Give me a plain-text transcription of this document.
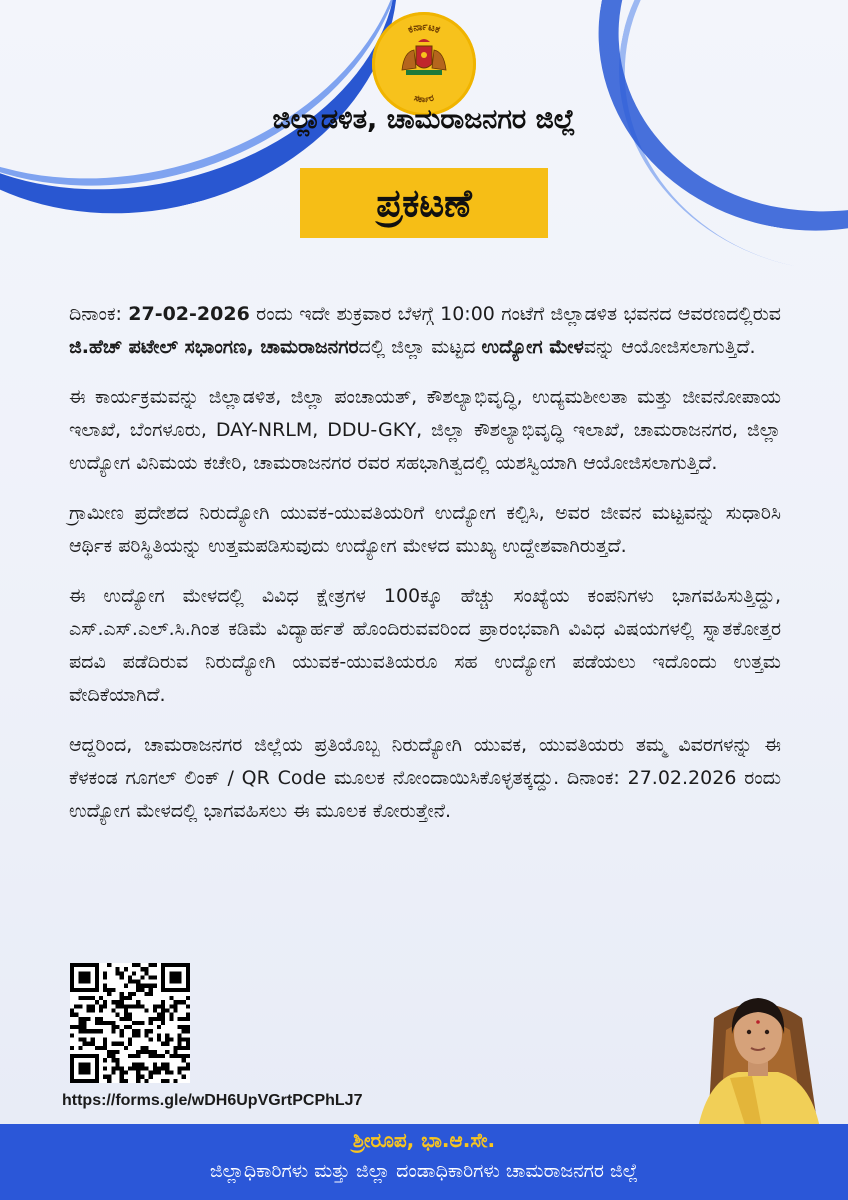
ಕರ್ನಾಟಕ
ಸರ್ಕಾರ
ಜಿಲ್ಲಾಡಳಿತ, ಚಾಮರಾಜನಗರ ಜಿಲ್ಲೆ
ಪ್ರಕಟಣೆ

ದಿನಾಂಕ: 27-02-2026 ರಂದು ಇದೇ ಶುಕ್ರವಾರ ಬೆಳಗ್ಗೆ 10:00 ಗಂಟೆಗೆ ಜಿಲ್ಲಾಡಳಿತ ಭವನದ ಆವರಣದಲ್ಲಿರುವ ಜಿ.ಹೆಚ್ ಪಟೇಲ್ ಸಭಾಂಗಣ, ಚಾಮರಾಜನಗರದಲ್ಲಿ ಜಿಲ್ಲಾ ಮಟ್ಟದ ಉದ್ಯೋಗ ಮೇಳವನ್ನು ಆಯೋಜಿಸಲಾಗುತ್ತಿದೆ.

ಈ ಕಾರ್ಯಕ್ರಮವನ್ನು ಜಿಲ್ಲಾಡಳಿತ, ಜಿಲ್ಲಾ ಪಂಚಾಯತ್, ಕೌಶಲ್ಯಾಭಿವೃದ್ಧಿ, ಉದ್ಯಮಶೀಲತಾ ಮತ್ತು ಜೀವನೋಪಾಯ ಇಲಾಖೆ, ಬೆಂಗಳೂರು, DAY-NRLM, DDU-GKY, ಜಿಲ್ಲಾ ಕೌಶಲ್ಯಾಭಿವೃದ್ಧಿ ಇಲಾಖೆ, ಚಾಮರಾಜನಗರ, ಜಿಲ್ಲಾ ಉದ್ಯೋಗ ವಿನಿಮಯ ಕಚೇರಿ, ಚಾಮರಾಜನಗರ ರವರ ಸಹಭಾಗಿತ್ವದಲ್ಲಿ ಯಶಸ್ವಿಯಾಗಿ ಆಯೋಜಿಸಲಾಗುತ್ತಿದೆ.

ಗ್ರಾಮೀಣ ಪ್ರದೇಶದ ನಿರುದ್ಯೋಗಿ ಯುವಕ-ಯುವತಿಯರಿಗೆ ಉದ್ಯೋಗ ಕಲ್ಪಿಸಿ, ಅವರ ಜೀವನ ಮಟ್ಟವನ್ನು ಸುಧಾರಿಸಿ ಆರ್ಥಿಕ ಪರಿಸ್ಥಿತಿಯನ್ನು ಉತ್ತಮಪಡಿಸುವುದು ಉದ್ಯೋಗ ಮೇಳದ ಮುಖ್ಯ ಉದ್ದೇಶವಾಗಿರುತ್ತದೆ.

ಈ ಉದ್ಯೋಗ ಮೇಳದಲ್ಲಿ ವಿವಿಧ ಕ್ಷೇತ್ರಗಳ 100ಕ್ಕೂ ಹೆಚ್ಚು ಸಂಖ್ಯೆಯ ಕಂಪನಿಗಳು ಭಾಗವಹಿಸುತ್ತಿದ್ದು, ಎಸ್.ಎಸ್.ಎಲ್.ಸಿ.ಗಿಂತ ಕಡಿಮೆ ವಿದ್ಯಾರ್ಹತೆ ಹೊಂದಿರುವವರಿಂದ ಪ್ರಾರಂಭವಾಗಿ ವಿವಿಧ ವಿಷಯಗಳಲ್ಲಿ ಸ್ನಾತಕೋತ್ತರ ಪದವಿ ಪಡೆದಿರುವ ನಿರುದ್ಯೋಗಿ ಯುವಕ-ಯುವತಿಯರೂ ಸಹ ಉದ್ಯೋಗ ಪಡೆಯಲು ಇದೊಂದು ಉತ್ತಮ ವೇದಿಕೆಯಾಗಿದೆ.

ಆದ್ದರಿಂದ, ಚಾಮರಾಜನಗರ ಜಿಲ್ಲೆಯ ಪ್ರತಿಯೊಬ್ಬ ನಿರುದ್ಯೋಗಿ ಯುವಕ, ಯುವತಿಯರು ತಮ್ಮ ವಿವರಗಳನ್ನು ಈ ಕೆಳಕಂಡ ಗೂಗಲ್ ಲಿಂಕ್ / QR Code ಮೂಲಕ ನೋಂದಾಯಿಸಿಕೊಳ್ಳತಕ್ಕದ್ದು. ದಿನಾಂಕ: 27.02.2026 ರಂದು ಉದ್ಯೋಗ ಮೇಳದಲ್ಲಿ ಭಾಗವಹಿಸಲು ಈ ಮೂಲಕ ಕೋರುತ್ತೇನೆ.

https://forms.gle/wDH6UpVGrtPCPhLJ7
ಶ್ರೀರೂಪ, ಭಾ.ಆ.ಸೇ.
ಜಿಲ್ಲಾಧಿಕಾರಿಗಳು ಮತ್ತು ಜಿಲ್ಲಾ ದಂಡಾಧಿಕಾರಿಗಳು ಚಾಮರಾಜನಗರ ಜಿಲ್ಲೆ
